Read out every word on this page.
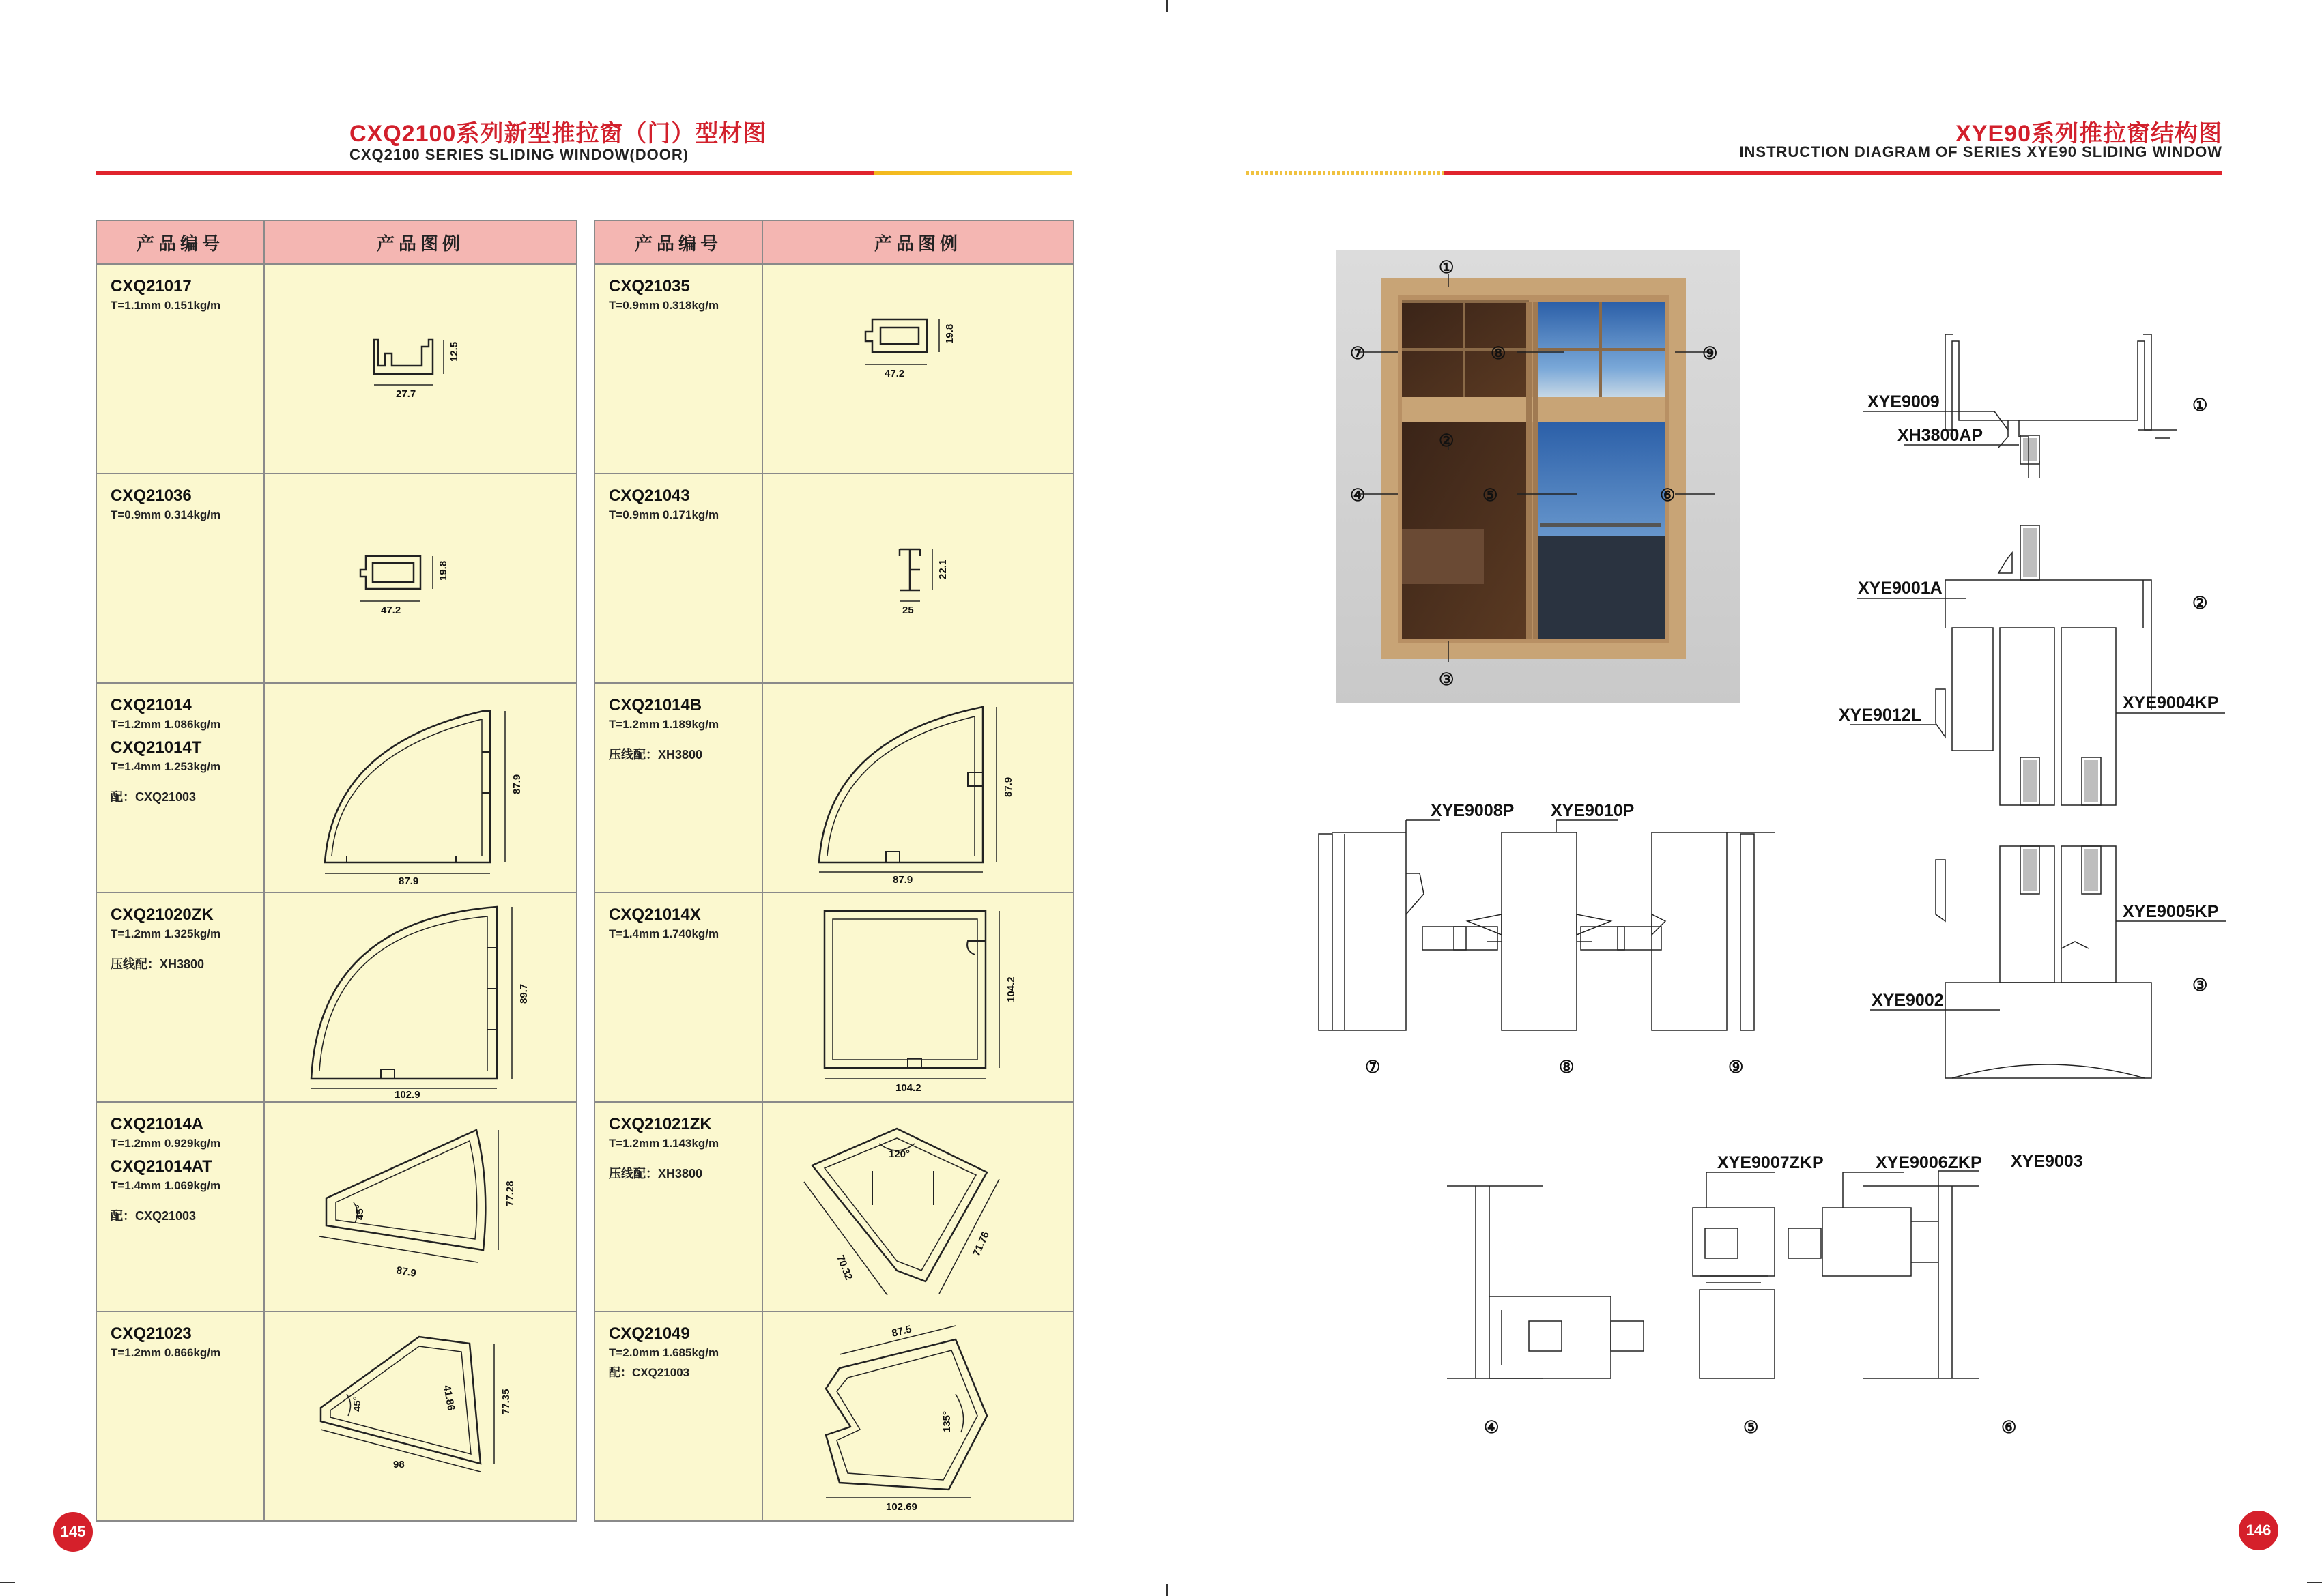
CXQ2100系列新型推拉窗（门）型材图
CXQ2100 SERIES SLIDING WINDOW(DOOR)
产品编号	产品图例

CXQ21017
T=1.1mm 0.151kg/m	27.7
12.5

CXQ21036
T=0.9mm 0.314kg/m	47.2
19.8

CXQ21014
T=1.2mm 1.086kg/m
CXQ21014T
T=1.4mm 1.253kg/m
配：CXQ21003	87.9
87.9

CXQ21020ZK
T=1.2mm 1.325kg/m
压线配：XH3800	102.9
89.7

CXQ21014A
T=1.2mm 0.929kg/m
CXQ21014AT
T=1.4mm 1.069kg/m
配：CXQ21003	87.9
77.28
45°

CXQ21023
T=1.2mm 0.866kg/m	98
77.35
45° 41.86
产品编号	产品图例

CXQ21035
T=0.9mm 0.318kg/m	47.2
19.8

CXQ21043
T=0.9mm 0.171kg/m	25
22.1

CXQ21014B
T=1.2mm 1.189kg/m
压线配：XH3800	87.9
87.9

CXQ21014X
T=1.4mm 1.740kg/m	104.2
104.2

CXQ21021ZK
T=1.2mm 1.143kg/m
压线配：XH3800	120°
70.32
71.76

CXQ21049
T=2.0mm 1.685kg/m
配：CXQ21003	87.5
102.69
135°
145
XYE90系列推拉窗结构图
INSTRUCTION DIAGRAM OF SERIES XYE90 SLIDING WINDOW
①
②
③
④	⑤	⑥
⑦	⑧	⑨
XYE9009
XH3800AP
XYE9001A
XYE9004KP
XYE9012L
XYE9005KP
XYE9002
XYE9008P XYE9010P
XYE9007ZKP	XYE9006ZKP XYE9003
①
②
③
④	⑤	⑥
⑦	⑧	⑨
146
